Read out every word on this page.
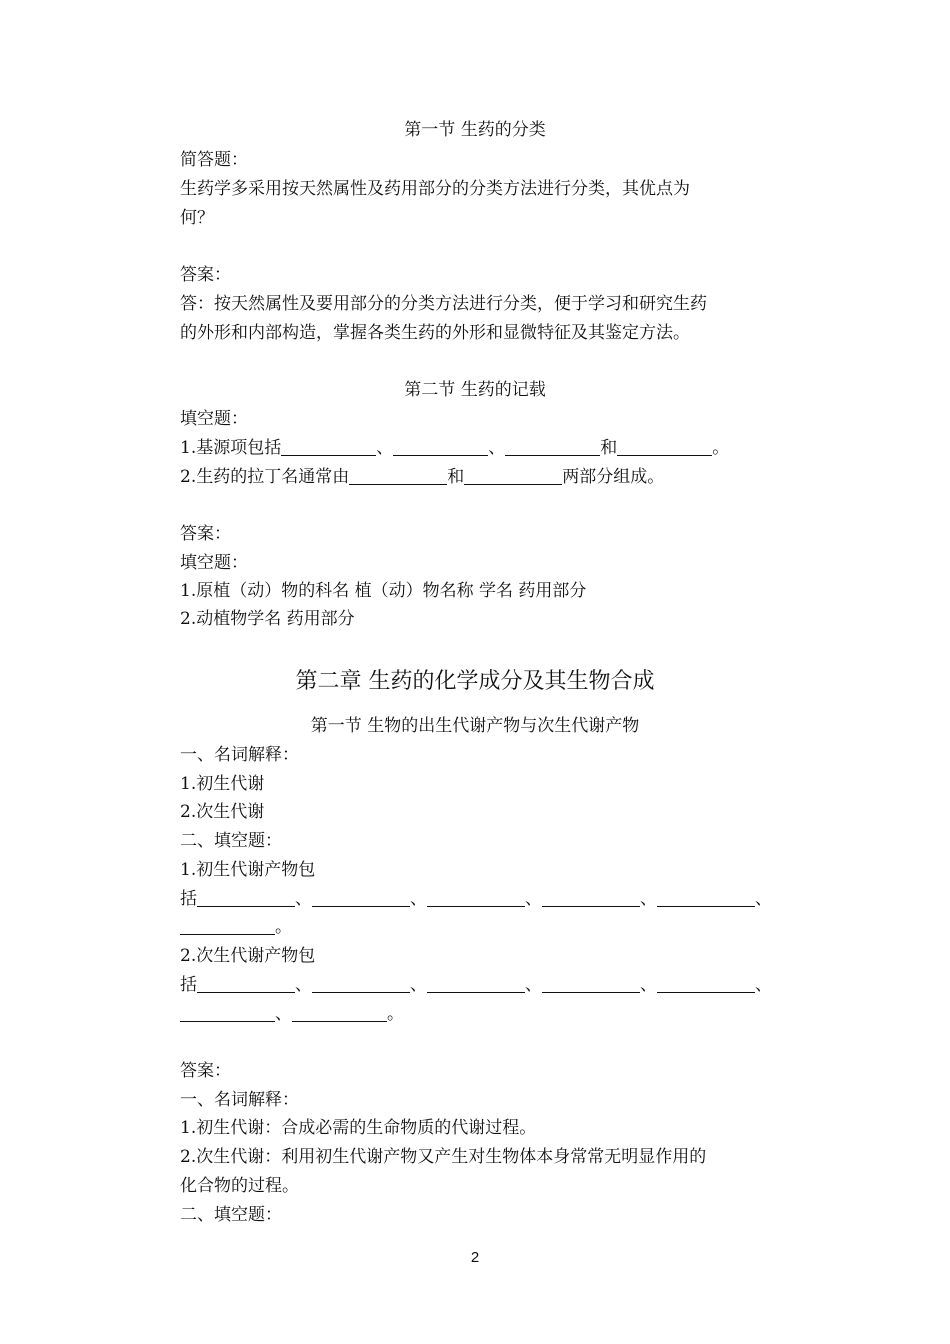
第一节 生药的分类
简答题：
生药学多采用按天然属性及药用部分的分类方法进行分类，其优点为
何？
答案：
答：按天然属性及要用部分的分类方法进行分类，便于学习和研究生药
的外形和内部构造，掌握各类生药的外形和显微特征及其鉴定方法。
第二节 生药的记载
填空题：
1.基源项包括	、	、	和	。
2.生药的拉丁名通常由	和	两部分组成。
答案：
填空题：
1.原植（动）物的科名 植（动）物名称 学名 药用部分
2.动植物学名 药用部分
第二章 生药的化学成分及其生物合成
第一节 生物的出生代谢产物与次生代谢产物
一、名词解释：
1.初生代谢
2.次生代谢
二、填空题：
1.初生代谢产物包
括	、	、	、	、	、
。
2.次生代谢产物包
括	、	、	、	、	、
、	。
答案：
一、名词解释：
1.初生代谢：合成必需的生命物质的代谢过程。
2.次生代谢：利用初生代谢产物又产生对生物体本身常常无明显作用的
化合物的过程。
二、填空题：
2
